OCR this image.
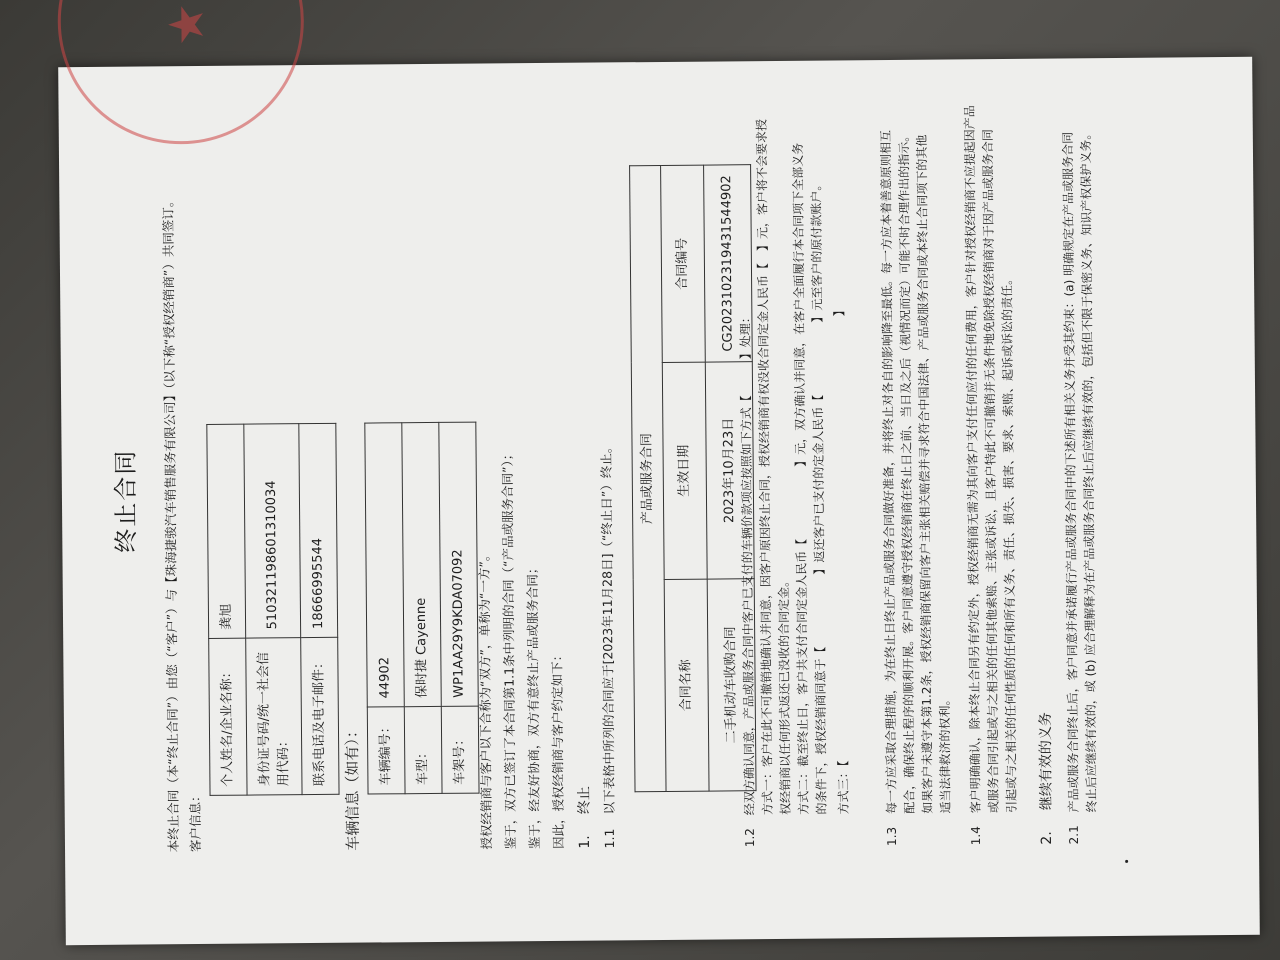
★
终止合同	本终止合同（本“终止合同”）由您（“客户”）与【珠海捷骏汽车销售服务有限公司】（以下称“授权经销商”）共同签订。 客户信息：
个人姓名/企业名称：	龚旭
身份证号码/统一社会信用代码：	510321198601310034
联系电话及电子邮件：	18666995544
车辆信息（如有）： 车辆编号：	44902
车型：	保时捷 Cayenne
车架号：	WP1AA29Y9KDA07092 授权经销商与客户以下合称为“双方”，单称为“一方”。 鉴于，双方已签订了本合同第1.1条中列明的合同（“产品或服务合同”）； 鉴于，经友好协商，双方有意终止产品或服务合同； 因此，授权经销商与客户约定如下： 1. 终止
1.1 以下表格中所列的合同应于[2023年11月28日]（“终止日”）终止。 产品或服务合同		
合同名称	生效日期	合同编号
二手机动车收购合同	2023年10月23日	CG20231023194315449​02
1.2
经双方确认同意，产品或服务合同中客户已支付的车辆价款项应按照如下方式【　　　】处理：
方式一：客户在此不可撤销地确认并同意，因客户原因终止合同，授权经销商有权没收合同定金人民币【　】元，客户将不会要求授 权经销商以任何形式返还已没收的合同定金。
方式二：截至终止日，客户共支付合同定金人民币【　　　　　　】元，双方确认并同意，在客户全面履行本合同项下全部义务
的条件下，授权经销商同意于【　　　　　　】返还客户已支付的定金人民币【　　　　　　】元至客户的原付款账户。 方式三：【　　　　　　　　　　　　　　　　　　　　　　　　　　　　　　　　　　　　　】
1.3
每一方应采取合理措施，为在终止日终止产品或服务合同做好准备，并将终止对各自的影响降至最低。每一方应本着善意原则相互
配合，确保终止程序的顺利开展。客户同意遵守授权经销商在终止日之前、当日及之后（视情况而定）可能不时合理作出的指示。
如果客户未遵守本第1.2条，授权经销商保留向客户主张相关赔偿并寻求符合中国法律、产品或服务合同或本终止合同项下的其他 适当法律救济的权利。
1.4
客户明确确认，除本终止合同另有约定外，授权经销商无需为其向客户支付任何应付的任何费用，客户针对授权经销商不应提起因产品
或服务合同引起或与之相关的任何其他索赔、主张或诉讼，且客户特此不可撤销并无条件地免除授权经销商对于因产品或服务合同 引起或与之相关的任何性质的任何和所有义务、责任、损失、损害、要求、索赔、起诉或诉讼的责任。
2. 继续有效的义务
2.1
产品或服务合同终止后，客户同意并承诺履行产品或服务合同中的下述所有相关义务并受其约束：(a) 明确规定在产品或服务合同
终止后应继续有效的，或 (b) 应合理解释为在产品或服务合同终止后应继续有效的，包括但不限于保密义务、知识产权保护义务。
